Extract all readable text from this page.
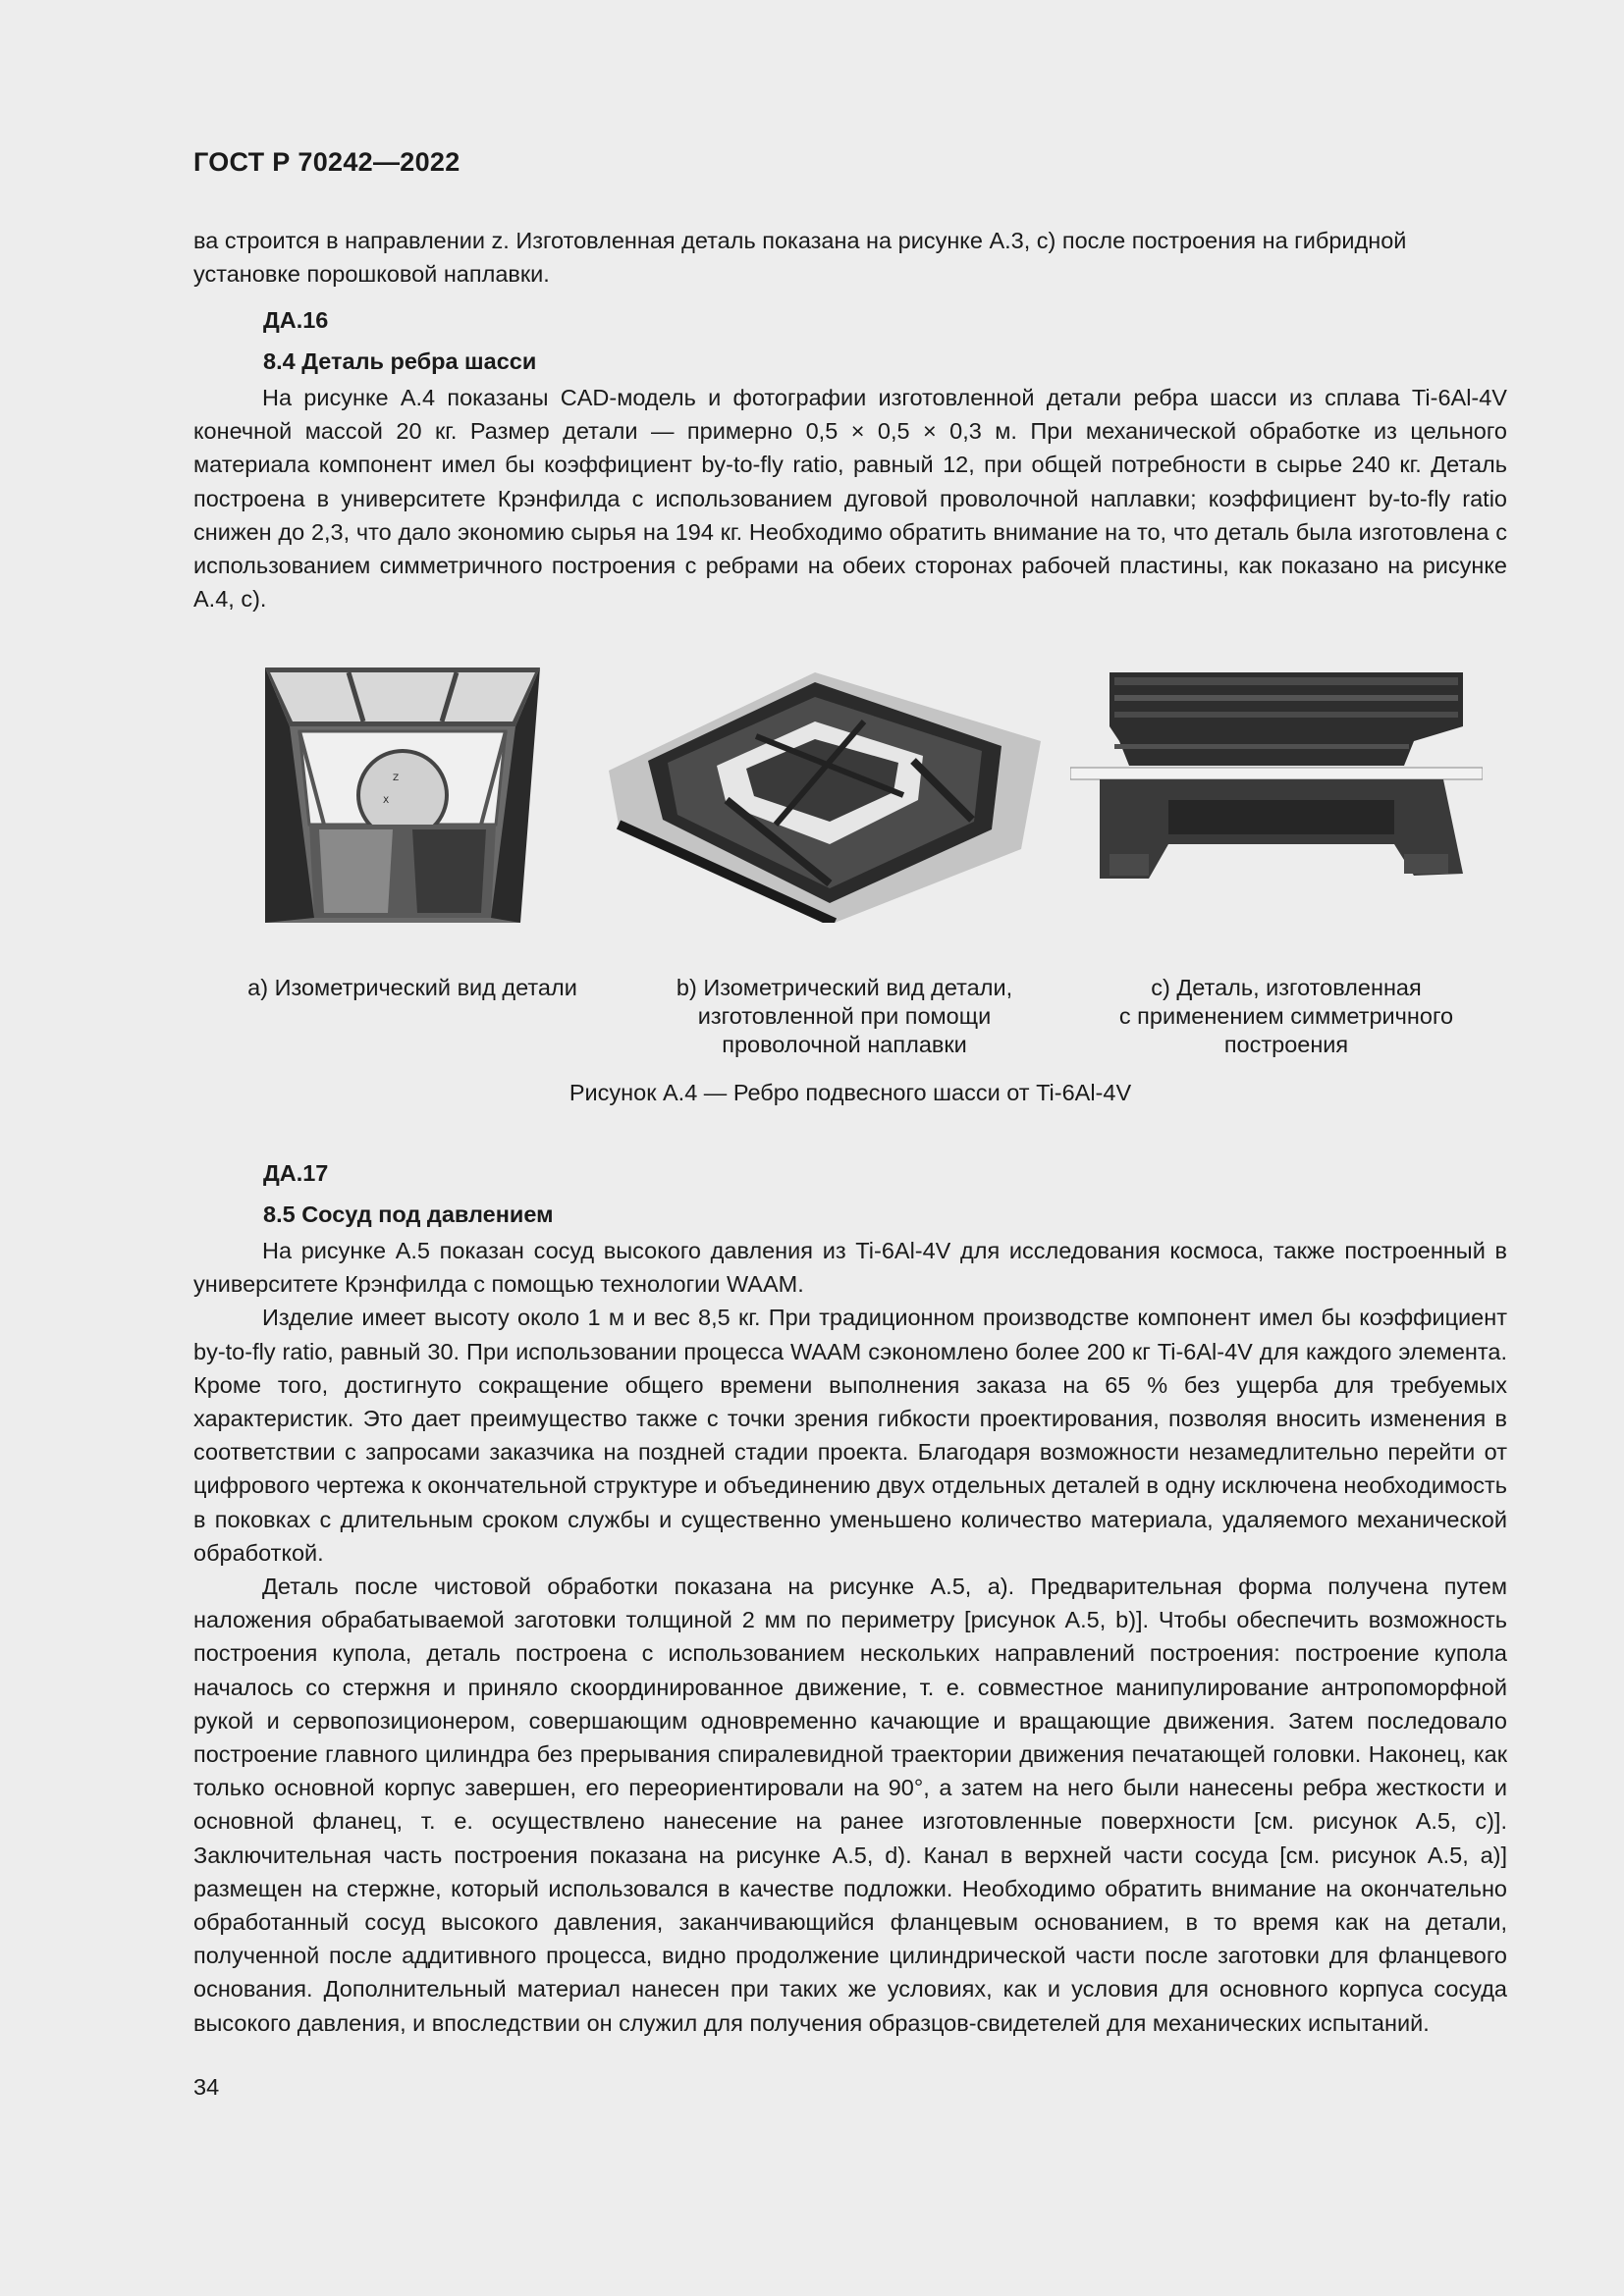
ГОСТ Р 70242—2022

ва строится в направлении z. Изготовленная деталь показана на рисунке А.3, с) после построения на гибридной

установке порошковой наплавки.

ДА.16
8.4 Деталь ребра шасси

На рисунке А.4 показаны CAD-модель и фотографии изготовленной детали ребра шасси из сплава Ti-6Al-4V конечной массой 20 кг. Размер детали — примерно 0,5 × 0,5 × 0,3 м. При механической обработке из цельного материала компонент имел бы коэффициент by-to-fly ratio, равный 12, при общей потребности в сырье 240 кг. Деталь построена в университете Крэнфилда с использованием дуговой проволочной наплавки; коэффициент by-to-fly ratio снижен до 2,3, что дало экономию сырья на 194 кг. Необходимо обратить внимание на то, что деталь была изготовлена с использованием симметричного построения с ребрами на обеих сторонах рабочей пластины, как показано на рисунке А.4, с).

Z
X
а) Изометрический вид детали	b) Изометрический вид детали,
изготовленной при помощи
проволочной наплавки
с) Деталь, изготовленная
с применением симметричного
построения
Рисунок А.4 — Ребро подвесного шасси от Ti-6Al-4V
ДА.17
8.5 Сосуд под давлением

На рисунке А.5 показан сосуд высокого давления из Ti-6Al-4V для исследования космоса, также построенный в университете Крэнфилда с помощью технологии WAAM.

Изделие имеет высоту около 1 м и вес 8,5 кг. При традиционном производстве компонент имел бы коэффициент by-to-fly ratio, равный 30. При использовании процесса WAAM сэкономлено более 200 кг Ti-6Al-4V для каждого элемента. Кроме того, достигнуто сокращение общего времени выполнения заказа на 65 % без ущерба для требуемых характеристик. Это дает преимущество также с точки зрения гибкости проектирования, позволяя вносить изменения в соответствии с запросами заказчика на поздней стадии проекта. Благодаря возможности незамедлительно перейти от цифрового чертежа к окончательной структуре и объединению двух отдельных деталей в одну исключена необходимость в поковках с длительным сроком службы и существенно уменьшено количество материала, удаляемого механической обработкой.

Деталь после чистовой обработки показана на рисунке А.5, а). Предварительная форма получена путем наложения обрабатываемой заготовки толщиной 2 мм по периметру [рисунок А.5, b)]. Чтобы обеспечить возможность построения купола, деталь построена с использованием нескольких направлений построения: построение купола началось со стержня и приняло скоординированное движение, т. е. совместное манипулирование антропоморфной рукой и сервопозиционером, совершающим одновременно качающие и вращающие движения. Затем последовало построение главного цилиндра без прерывания спиралевидной траектории движения печатающей головки. Наконец, как только основной корпус завершен, его переориентировали на 90°, а затем на него были нанесены ребра жесткости и основной фланец, т. е. осуществлено нанесение на ранее изготовленные поверхности [см. рисунок А.5, с)]. Заключительная часть построения показана на рисунке А.5, d). Канал в верхней части сосуда [см. рисунок А.5, а)] размещен на стержне, который использовался в качестве подложки. Необходимо обратить внимание на окончательно обработанный сосуд высокого давления, заканчивающийся фланцевым основанием, в то время как на детали, полученной после аддитивного процесса, видно продолжение цилиндрической части после заготовки для фланцевого основания. Дополнительный материал нанесен при таких же условиях, как и условия для основного корпуса сосуда высокого давления, и впоследствии он служил для получения образцов-свидетелей для механических испытаний.

34
